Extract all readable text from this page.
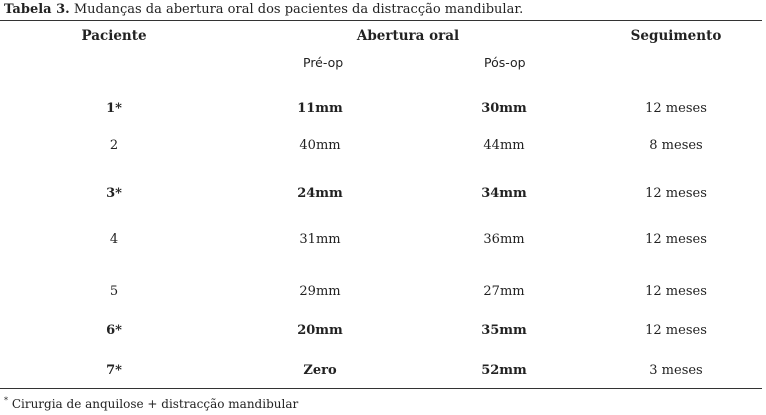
Tabela 3. Mudanças da abertura oral dos pacientes da distracção mandibular.
Paciente	Abertura oral	Seguimento
Pré-op	Pós-op
1*	11mm	30mm	12 meses
2	40mm	44mm	8 meses
3*	24mm	34mm	12 meses
4	31mm	36mm	12 meses
5	29mm	27mm	12 meses
6*	20mm	35mm	12 meses
7*	Zero	52mm	3 meses
* Cirurgia de anquilose + distracção mandibular
